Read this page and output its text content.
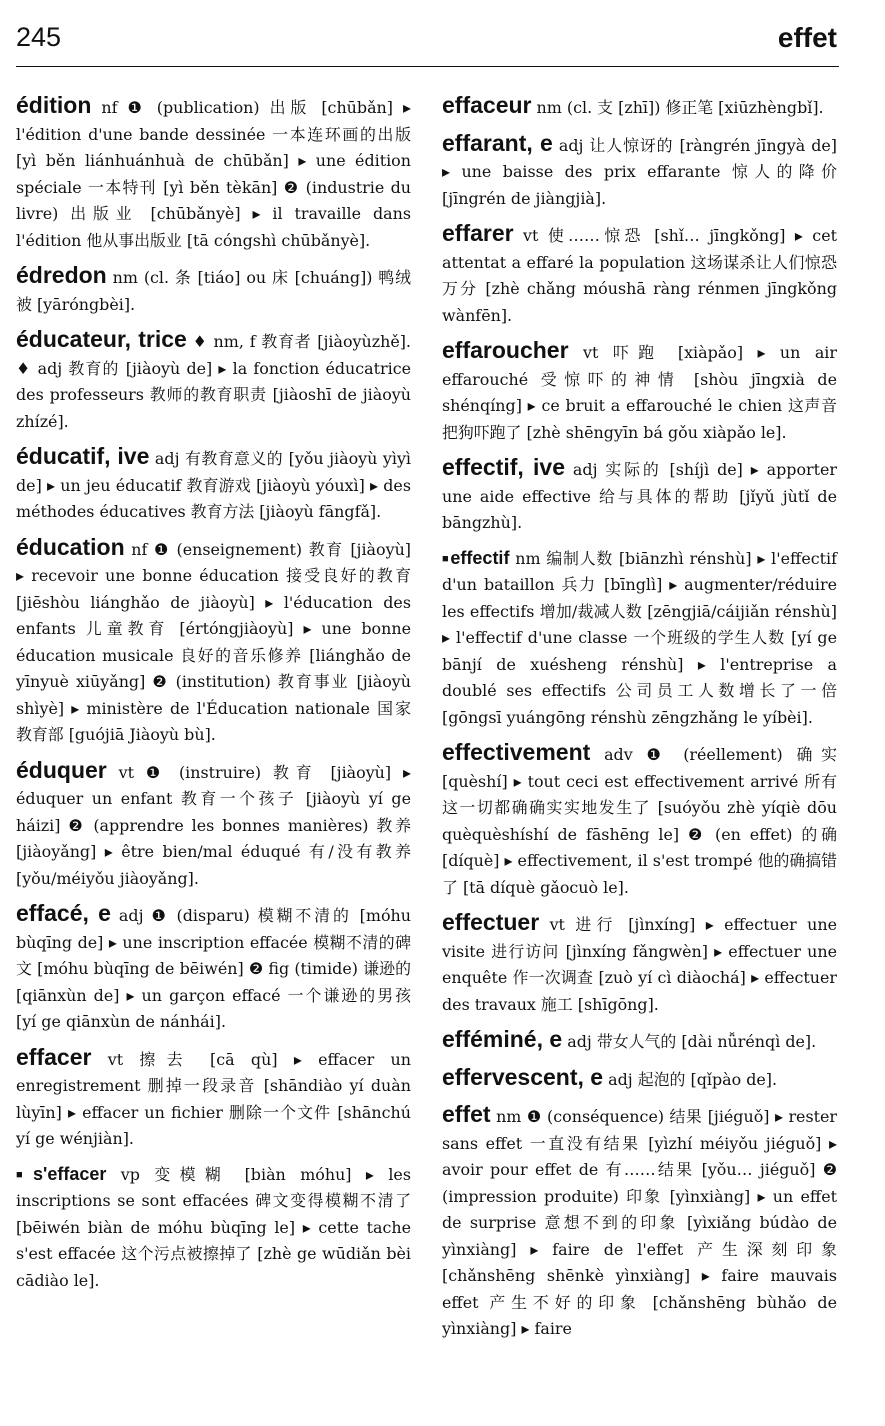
245	effet
édition nf ❶ (publication) 出版 [chūbǎn] ▸ l'édition d'une bande dessinée 一本连环画的出版 [yì běn liánhuánhuà de chūbǎn] ▸ une édition spéciale 一本特刊 [yì běn tèkān] ❷ (industrie du livre) 出版业 [chūbǎnyè] ▸ il travaille dans l'édition 他从事出版业 [tā cóngshì chūbǎnyè].
édredon nm (cl. 条 [tiáo] ou 床 [chuáng]) 鸭绒被 [yāróngbèi].
éducateur, trice ♦ nm, f 教育者 [jiàoyùzhě]. ♦ adj 教育的 [jiàoyù de] ▸ la fonction éducatrice des professeurs 教师的教育职责 [jiàoshī de jiàoyù zhízé].
éducatif, ive adj 有教育意义的 [yǒu jiàoyù yìyì de] ▸ un jeu éducatif 教育游戏 [jiàoyù yóuxì] ▸ des méthodes éducatives 教育方法 [jiàoyù fāngfǎ].
éducation nf ❶ (enseignement) 教育 [jiàoyù] ▸ recevoir une bonne éducation 接受良好的教育 [jiēshòu liánghǎo de jiàoyù] ▸ l'éducation des enfants 儿童教育 [értóngjiàoyù] ▸ une bonne éducation musicale 良好的音乐修养 [liánghǎo de yīnyuè xiūyǎng] ❷ (institution) 教育事业 [jiàoyù shìyè] ▸ ministère de l'Éducation nationale 国家教育部 [guójiā Jiàoyù bù].
éduquer vt ❶ (instruire) 教育 [jiàoyù] ▸ éduquer un enfant 教育一个孩子 [jiàoyù yí ge háizi] ❷ (apprendre les bonnes manières) 教养 [jiàoyǎng] ▸ être bien/mal éduqué 有/没有教养 [yǒu/méiyǒu jiàoyǎng].
effacé, e adj ❶ (disparu) 模糊不清的 [móhu bùqīng de] ▸ une inscription effacée 模糊不清的碑文 [móhu bùqīng de bēiwén] ❷ fig (timide) 谦逊的 [qiānxùn de] ▸ un garçon effacé 一个谦逊的男孩 [yí ge qiānxùn de nánhái].
effacer vt 擦去 [cā qù] ▸ effacer un enregistrement 删掉一段录音 [shāndiào yí duàn lùyīn] ▸ effacer un fichier 删除一个文件 [shānchú yí ge wénjiàn].
■s'effacer vp 变模糊 [biàn móhu] ▸ les inscriptions se sont effacées 碑文变得模糊不清了 [bēiwén biàn de móhu bùqīng le] ▸ cette tache s'est effacée 这个污点被擦掉了 [zhè ge wūdiǎn bèi cādiào le].
effaceur nm (cl. 支 [zhī]) 修正笔 [xiūzhèngbǐ].
effarant, e adj 让人惊讶的 [ràngrén jīngyà de] ▸ une baisse des prix effarante 惊人的降价 [jīngrén de jiàngjià].
effarer vt 使……惊恐 [shǐ… jīngkǒng] ▸ cet attentat a effaré la population 这场谋杀让人们惊恐万分 [zhè chǎng móushā ràng rénmen jīngkǒng wànfēn].
effaroucher vt 吓跑 [xiàpǎo] ▸ un air effarouché 受惊吓的神情 [shòu jīngxià de shénqíng] ▸ ce bruit a effarouché le chien 这声音把狗吓跑了 [zhè shēngyīn bá gǒu xiàpǎo le].
effectif, ive adj 实际的 [shíjì de] ▸ apporter une aide effective 给与具体的帮助 [jǐyǔ jùtǐ de bāngzhù].
■effectif nm 编制人数 [biānzhì rénshù] ▸ l'effectif d'un bataillon 兵力 [bīnglì] ▸ augmenter/réduire les effectifs 增加/裁减人数 [zēngjiā/cáijiǎn rénshù] ▸ l'effectif d'une classe 一个班级的学生人数 [yí ge bānjí de xuésheng rénshù] ▸ l'entreprise a doublé ses effectifs 公司员工人数增长了一倍 [gōngsī yuángōng rénshù zēngzhǎng le yíbèi].
effectivement adv ❶ (réellement) 确实 [quèshí] ▸ tout ceci est effectivement arrivé 所有这一切都确确实实地发生了 [suóyǒu zhè yíqiè dōu quèquèshíshí de fāshēng le] ❷ (en effet) 的确 [díquè] ▸ effectivement, il s'est trompé 他的确搞错了 [tā díquè gǎocuò le].
effectuer vt 进行 [jìnxíng] ▸ effectuer une visite 进行访问 [jìnxíng fǎngwèn] ▸ effectuer une enquête 作一次调查 [zuò yí cì diàochá] ▸ effectuer des travaux 施工 [shīgōng].
efféminé, e adj 带女人气的 [dài nǚrénqì de].
effervescent, e adj 起泡的 [qǐpào de].
effet nm ❶ (conséquence) 结果 [jiéguǒ] ▸ rester sans effet 一直没有结果 [yìzhí méiyǒu jiéguǒ] ▸ avoir pour effet de 有……结果 [yǒu… jiéguǒ] ❷ (impression produite) 印象 [yìnxiàng] ▸ un effet de surprise 意想不到的印象 [yìxiǎng búdào de yìnxiàng] ▸ faire de l'effet 产生深刻印象 [chǎnshēng shēnkè yìnxiàng] ▸ faire mauvais effet 产生不好的印象 [chǎnshēng bùhǎo de yìnxiàng] ▸ faire
